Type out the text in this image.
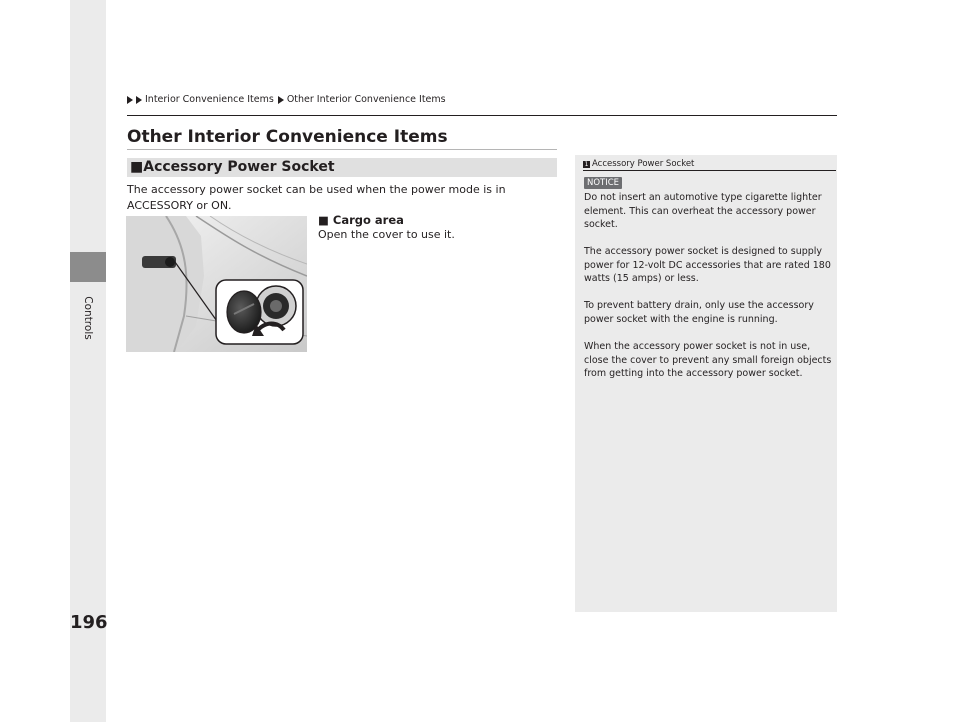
Controls
196
Interior Convenience Items Other Interior Convenience Items
Other Interior Convenience Items
■Accessory Power Socket
The accessory power socket can be used when the power mode is in ACCESSORY or ON.
■ Cargo area
Open the cover to use it.
1 Accessory Power Socket
NOTICE
Do not insert an automotive type cigarette lighter element. This can overheat the accessory power socket.
The accessory power socket is designed to supply power for 12-volt DC accessories that are rated 180 watts (15 amps) or less.
To prevent battery drain, only use the accessory power socket with the engine is running.
When the accessory power socket is not in use, close the cover to prevent any small foreign objects from getting into the accessory power socket.
